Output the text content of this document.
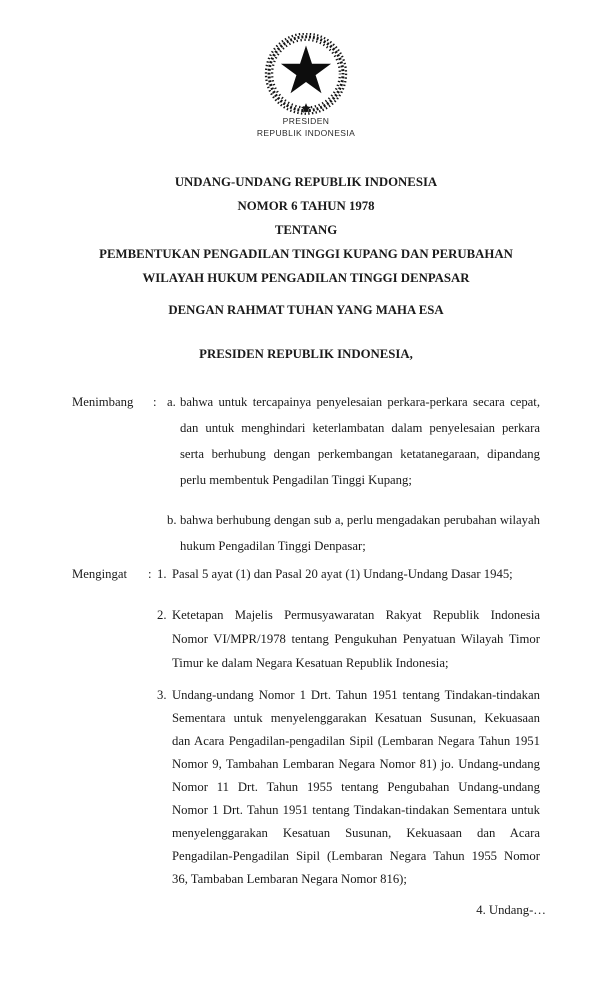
PRESIDEN
REPUBLIK INDONESIA
UNDANG-UNDANG REPUBLIK INDONESIA
NOMOR 6 TAHUN 1978
TENTANG
PEMBENTUKAN PENGADILAN TINGGI KUPANG DAN PERUBAHAN
WILAYAH HUKUM PENGADILAN TINGGI DENPASAR
DENGAN RAHMAT TUHAN YANG MAHA ESA
PRESIDEN REPUBLIK INDONESIA,
Menimbang	: a. bahwa untuk tercapainya penyelesaian perkara-perkara secara cepat,
dan untuk menghindari keterlambatan dalam penyelesaian perkara
serta berhubung dengan perkembangan ketatanegaraan, dipandang
perlu membentuk Pengadilan Tinggi Kupang;
b. bahwa berhubung dengan sub a, perlu mengadakan perubahan wilayah
hukum Pengadilan Tinggi Denpasar;
Mengingat	: 1. Pasal 5 ayat (1) dan Pasal 20 ayat (1) Undang-Undang Dasar 1945;
2. Ketetapan Majelis Permusyawaratan Rakyat Republik Indonesia
Nomor VI/MPR/1978 tentang Pengukuhan Penyatuan Wilayah Timor
Timur ke dalam Negara Kesatuan Republik Indonesia;
3. Undang-undang Nomor 1 Drt. Tahun 1951 tentang Tindakan-tindakan
Sementara untuk menyelenggarakan Kesatuan Susunan, Kekuasaan
dan Acara Pengadilan-pengadilan Sipil (Lembaran Negara Tahun 1951
Nomor 9, Tambahan Lembaran Negara Nomor 81) jo. Undang-undang
Nomor 11 Drt. Tahun 1955 tentang Pengubahan Undang-undang
Nomor 1 Drt. Tahun 1951 tentang Tindakan-tindakan Sementara untuk
menyelenggarakan Kesatuan Susunan, Kekuasaan dan Acara
Pengadilan-Pengadilan Sipil (Lembaran Negara Tahun 1955 Nomor
36, Tambaban Lembaran Negara Nomor 816);
4. Undang-…
